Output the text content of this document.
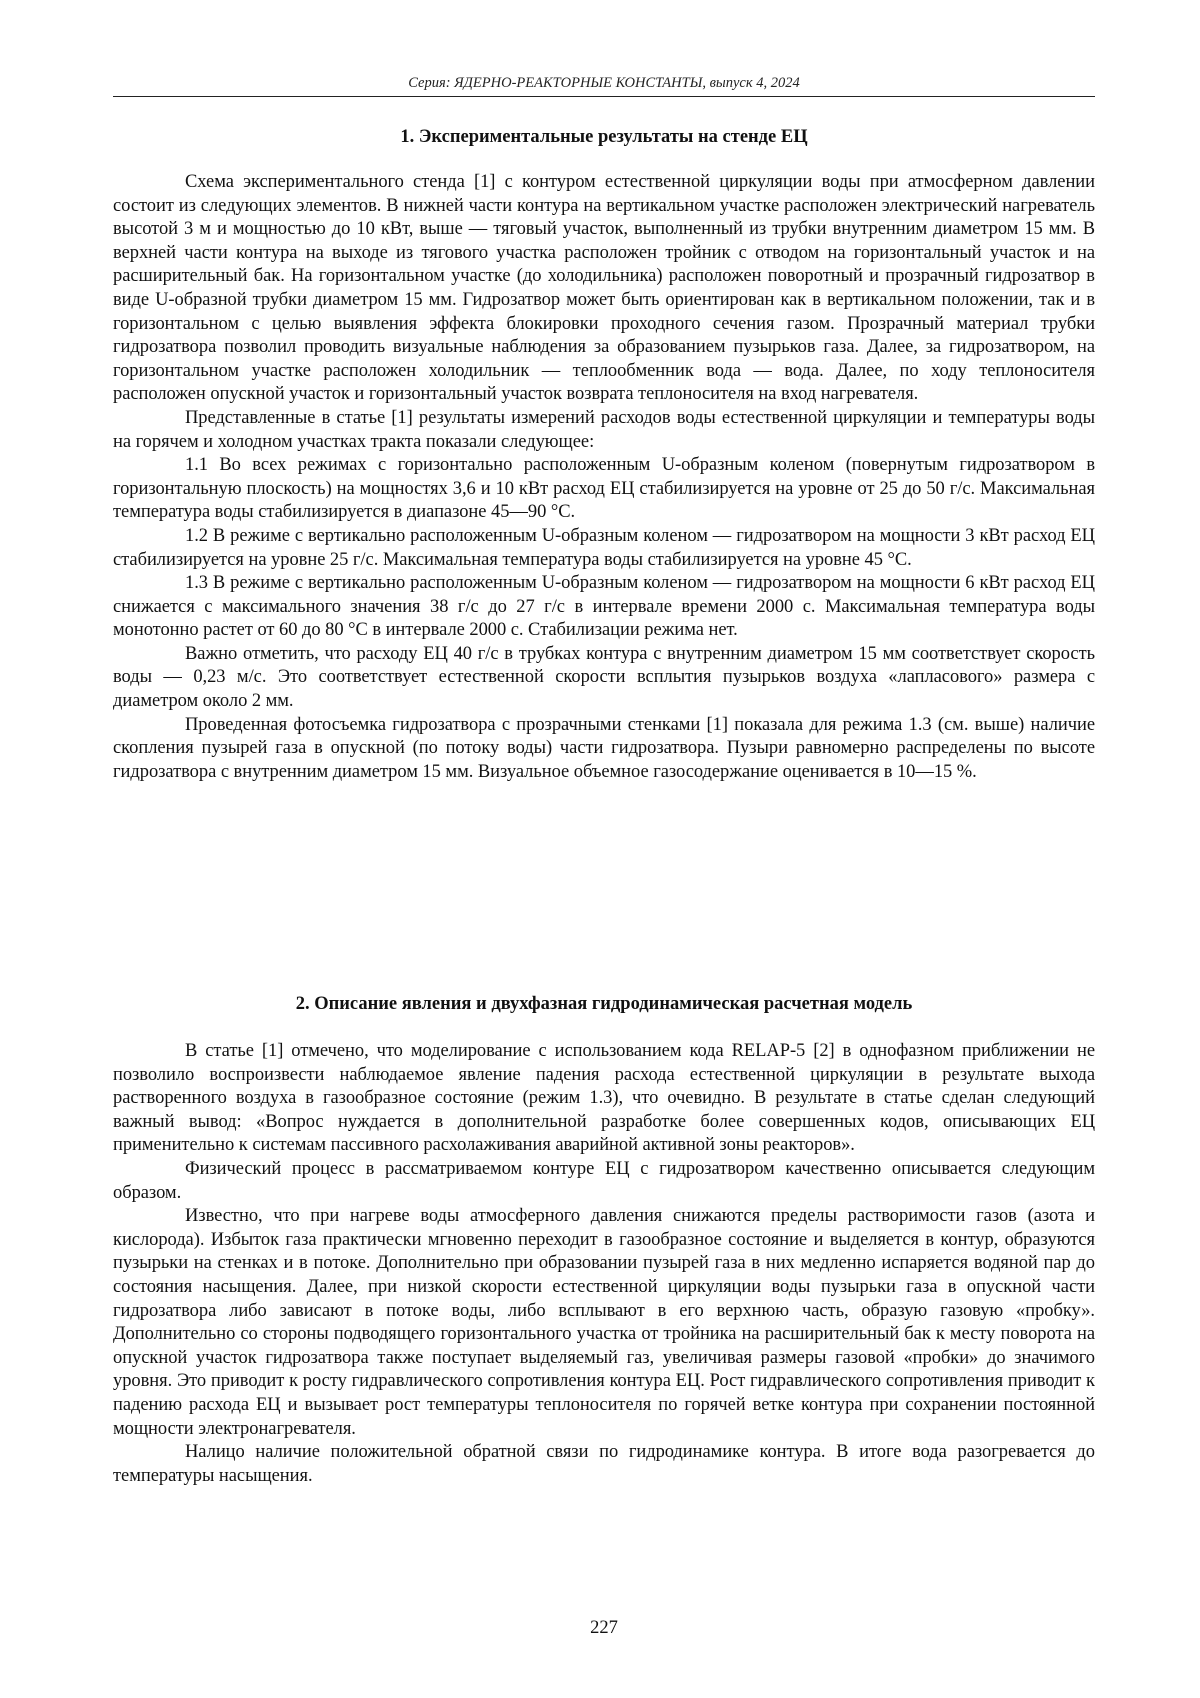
Серия: ЯДЕРНО-РЕАКТОРНЫЕ КОНСТАНТЫ, выпуск 4, 2024
1. Экспериментальные результаты на стенде ЕЦ

Схема экспериментального стенда [1] с контуром естественной циркуляции воды при атмосферном давлении состоит из следующих элементов. В нижней части контура на вертикальном участке расположен электрический нагреватель высотой 3 м и мощностью до 10 кВт, выше — тяговый участок, выполненный из трубки внутренним диаметром 15 мм. В верхней части контура на выходе из тягового участка расположен тройник с отводом на горизонтальный участок и на расширительный бак. На горизонтальном участке (до холодильника) расположен поворотный и прозрачный гидрозатвор в виде U-образной трубки диаметром 15 мм. Гидрозатвор может быть ориентирован как в вертикальном положении, так и в горизонтальном с целью выявления эффекта блокировки проходного сечения газом. Прозрачный материал трубки гидрозатвора позволил проводить визуальные наблюдения за образованием пузырьков газа. Далее, за гидрозатвором, на горизонтальном участке расположен холодильник — теплообменник вода — вода. Далее, по ходу теплоносителя расположен опускной участок и горизонтальный участок возврата теплоносителя на вход нагревателя.

Представленные в статье [1] результаты измерений расходов воды естественной циркуляции и температуры воды на горячем и холодном участках тракта показали следующее:

1.1 Во всех режимах с горизонтально расположенным U-образным коленом (повернутым гидрозатвором в горизонтальную плоскость) на мощностях 3,6 и 10 кВт расход ЕЦ стабилизируется на уровне от 25 до 50 г/с. Максимальная температура воды стабилизируется в диапазоне 45—90 °С.

1.2 В режиме с вертикально расположенным U-образным коленом — гидрозатвором на мощности 3 кВт расход ЕЦ стабилизируется на уровне 25 г/с. Максимальная температура воды стабилизируется на уровне 45 °С.

1.3 В режиме с вертикально расположенным U-образным коленом — гидрозатвором на мощности 6 кВт расход ЕЦ снижается с максимального значения 38 г/с до 27 г/с в интервале времени 2000 с. Максимальная температура воды монотонно растет от 60 до 80 °С в интервале 2000 с. Стабилизации режима нет.

Важно отметить, что расходу ЕЦ 40 г/с в трубках контура с внутренним диаметром 15 мм соответствует скорость воды — 0,23 м/с. Это соответствует естественной скорости всплытия пузырьков воздуха «лапласового» размера с диаметром около 2 мм.

Проведенная фотосъемка гидрозатвора с прозрачными стенками [1] показала для режима 1.3 (см. выше) наличие скопления пузырей газа в опускной (по потоку воды) части гидрозатвора. Пузыри равномерно распределены по высоте гидрозатвора с внутренним диаметром 15 мм. Визуальное объемное газосодержание оценивается в 10—15 %.

2. Описание явления и двухфазная гидродинамическая расчетная модель

В статье [1] отмечено, что моделирование с использованием кода RELAP-5 [2] в однофазном приближении не позволило воспроизвести наблюдаемое явление падения расхода естественной циркуляции в результате выхода растворенного воздуха в газообразное состояние (режим 1.3), что очевидно. В результате в статье сделан следующий важный вывод: «Вопрос нуждается в дополнительной разработке более совершенных кодов, описывающих ЕЦ применительно к системам пассивного расхолаживания аварийной активной зоны реакторов».

Физический процесс в рассматриваемом контуре ЕЦ с гидрозатвором качественно описывается следующим образом.

Известно, что при нагреве воды атмосферного давления снижаются пределы растворимости газов (азота и кислорода). Избыток газа практически мгновенно переходит в газообразное состояние и выделяется в контур, образуются пузырьки на стенках и в потоке. Дополнительно при образовании пузырей газа в них медленно испаряется водяной пар до состояния насыщения. Далее, при низкой скорости естественной циркуляции воды пузырьки газа в опускной части гидрозатвора либо зависают в потоке воды, либо всплывают в его верхнюю часть, образую газовую «пробку». Дополнительно со стороны подводящего горизонтального участка от тройника на расширительный бак к месту поворота на опускной участок гидрозатвора также поступает выделяемый газ, увеличивая размеры газовой «пробки» до значимого уровня. Это приводит к росту гидравлического сопротивления контура ЕЦ. Рост гидравлического сопротивления приводит к падению расхода ЕЦ и вызывает рост температуры теплоносителя по горячей ветке контура при сохранении постоянной мощности электронагревателя.

Налицо наличие положительной обратной связи по гидродинамике контура. В итоге вода разогревается до температуры насыщения.

227
